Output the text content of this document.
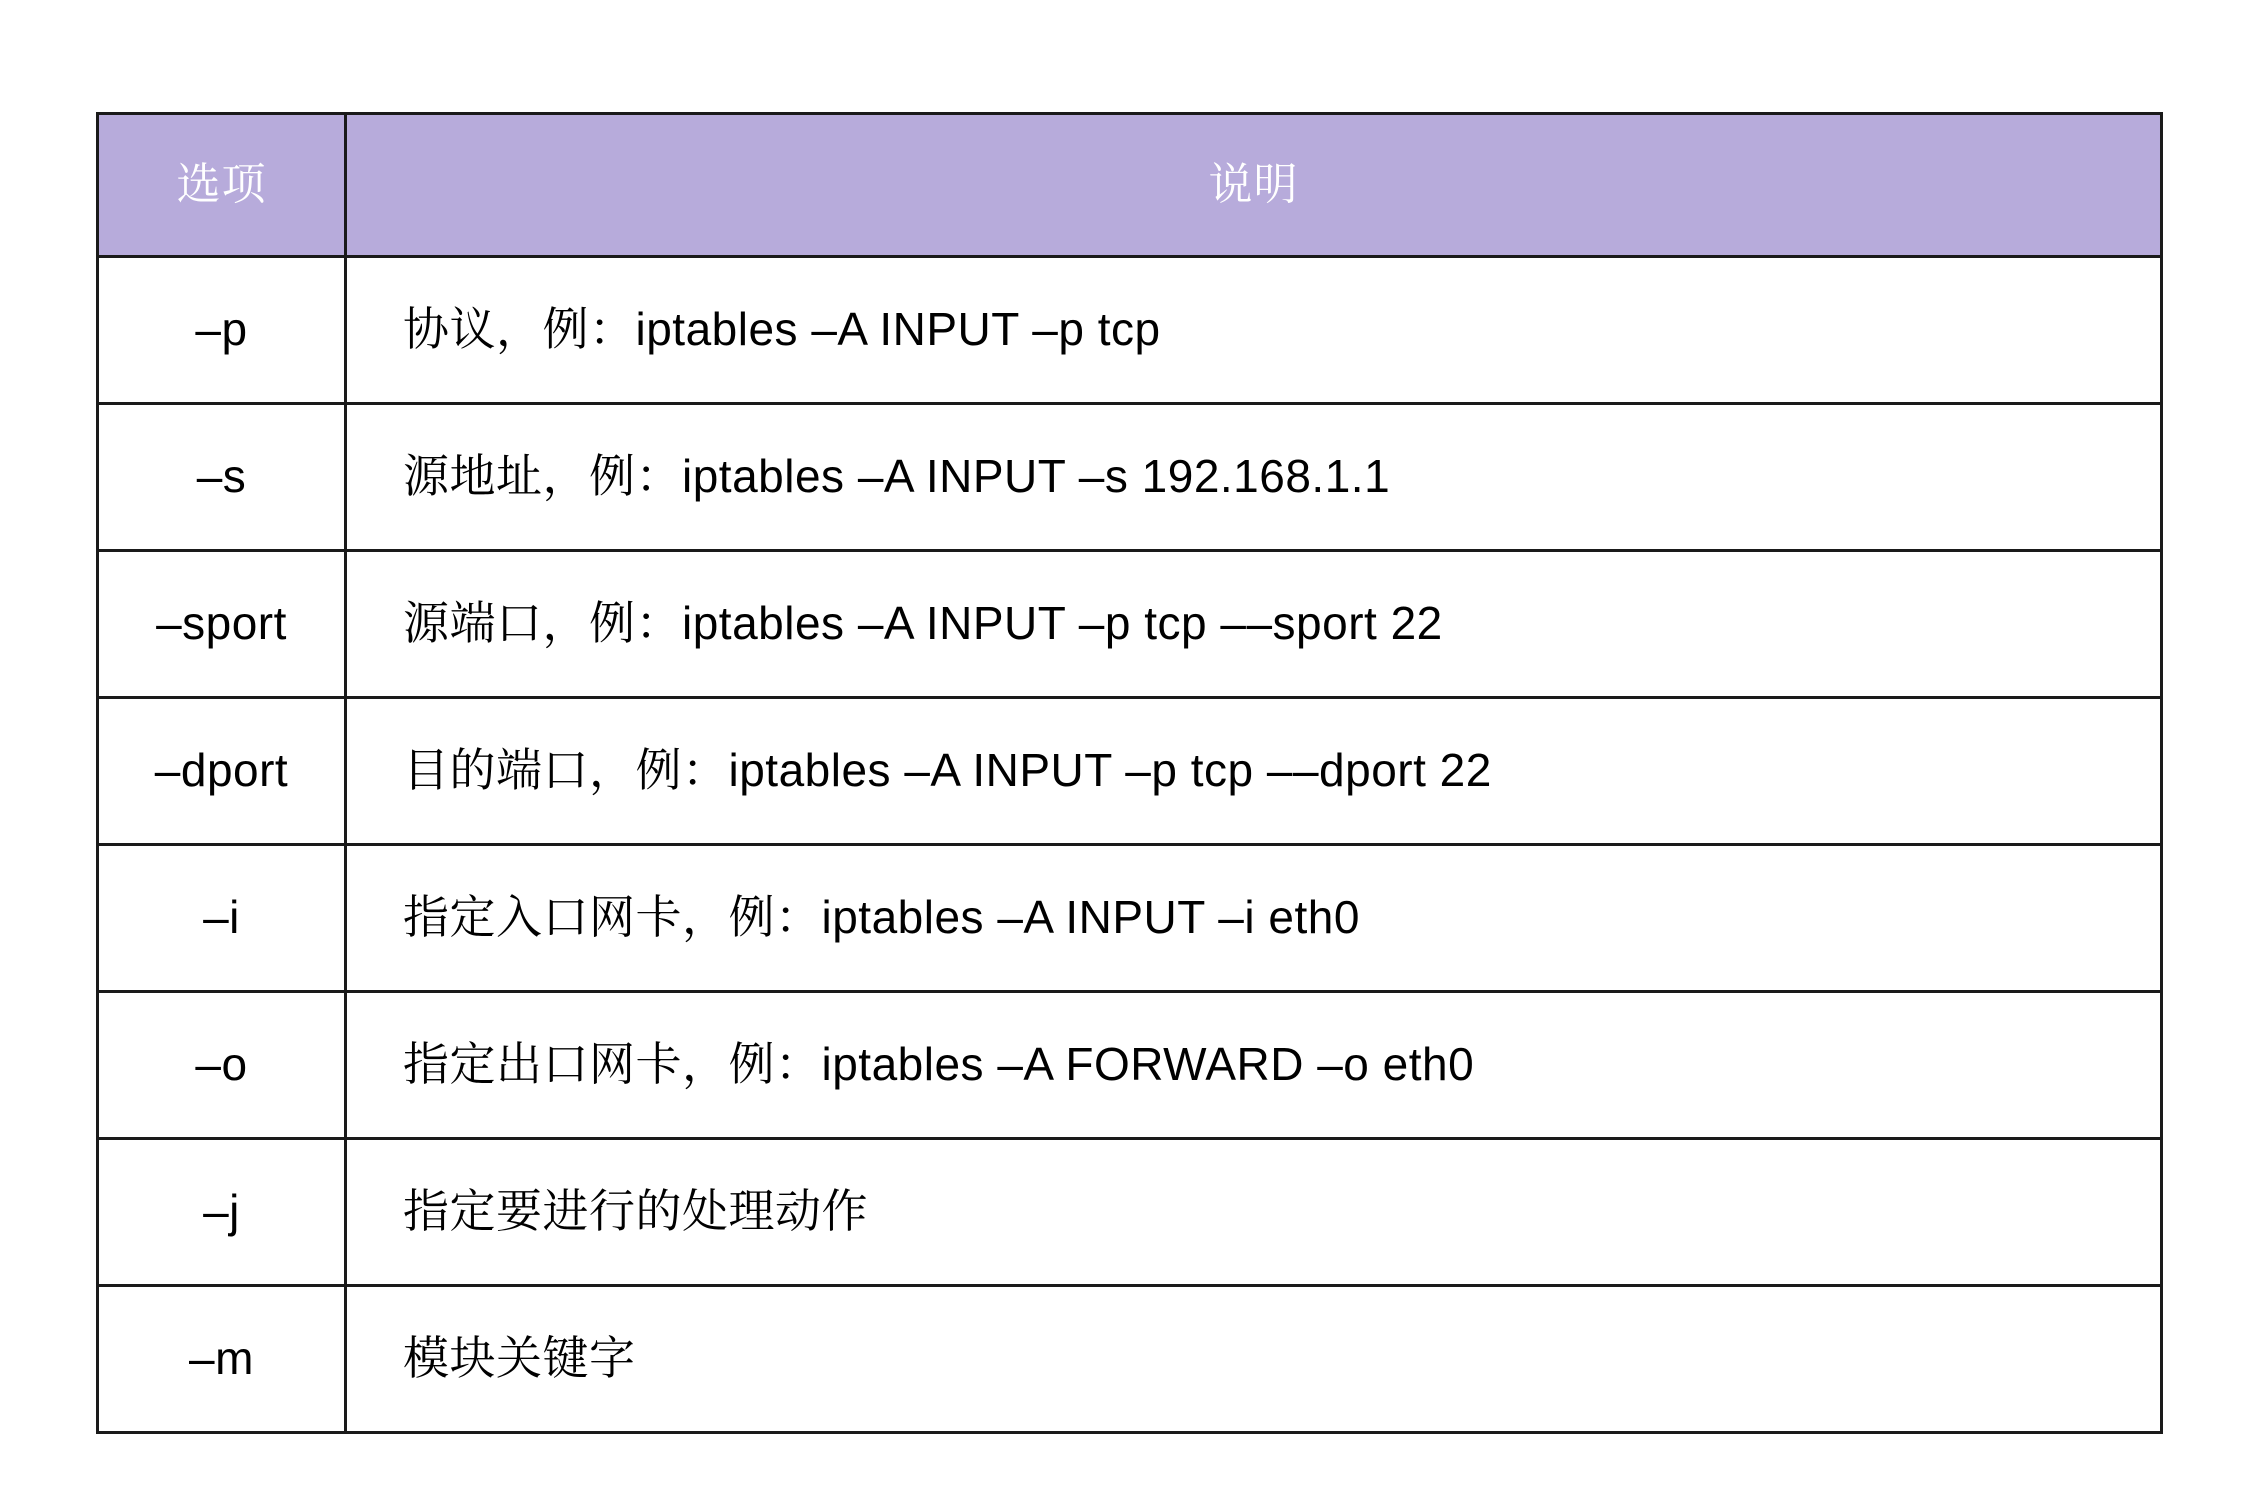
选项	说明
–p	协议，例：iptables –A INPUT –p tcp
–s	源地址，例：iptables –A INPUT –s 192.168.1.1
–sport	源端口，例：iptables –A INPUT –p tcp ––sport 22
–dport	目的端口，例：iptables –A INPUT –p tcp ––dport 22
–i	指定入口网卡，例：iptables –A INPUT –i eth0
–o	指定出口网卡，例：iptables –A FORWARD –o eth0
–j	指定要进行的处理动作
–m	模块关键字
